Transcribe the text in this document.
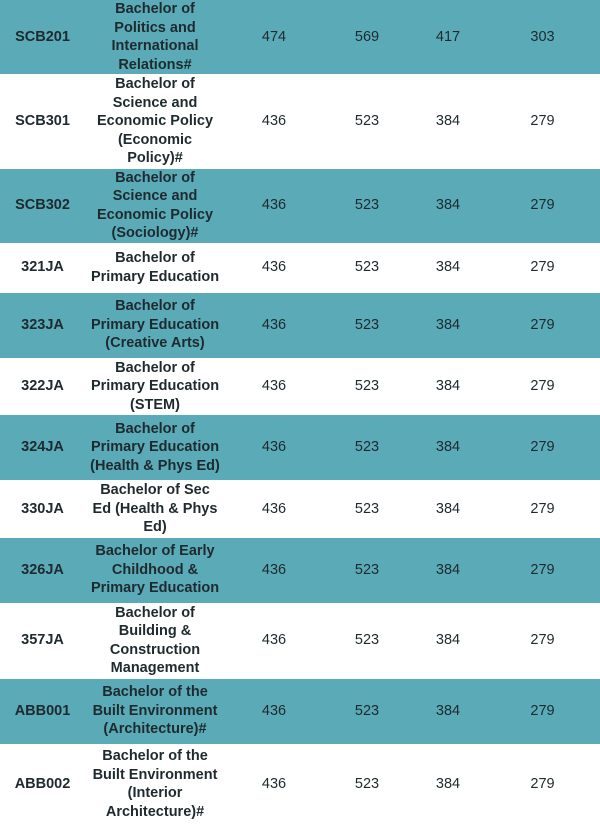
SCB201	Bachelor of Politics and International Relations#	474	569	417	303
SCB301	Bachelor of Science and Economic Policy (Economic Policy)#	436	523	384	279
SCB302	Bachelor of Science and Economic Policy (Sociology)#	436	523	384	279
321JA	Bachelor of Primary Education	436	523	384	279
323JA	Bachelor of Primary Education (Creative Arts)	436	523	384	279
322JA	Bachelor of Primary Education (STEM)	436	523	384	279
324JA	Bachelor of Primary Education (Health & Phys Ed)	436	523	384	279
330JA	Bachelor of Sec Ed (Health & Phys Ed)	436	523	384	279
326JA	Bachelor of Early Childhood & Primary Education	436	523	384	279
357JA	Bachelor of Building & Construction Management	436	523	384	279
ABB001	Bachelor of the Built Environment (Architecture)#	436	523	384	279
ABB002	Bachelor of the Built Environment (Interior Architecture)#	436	523	384	279
